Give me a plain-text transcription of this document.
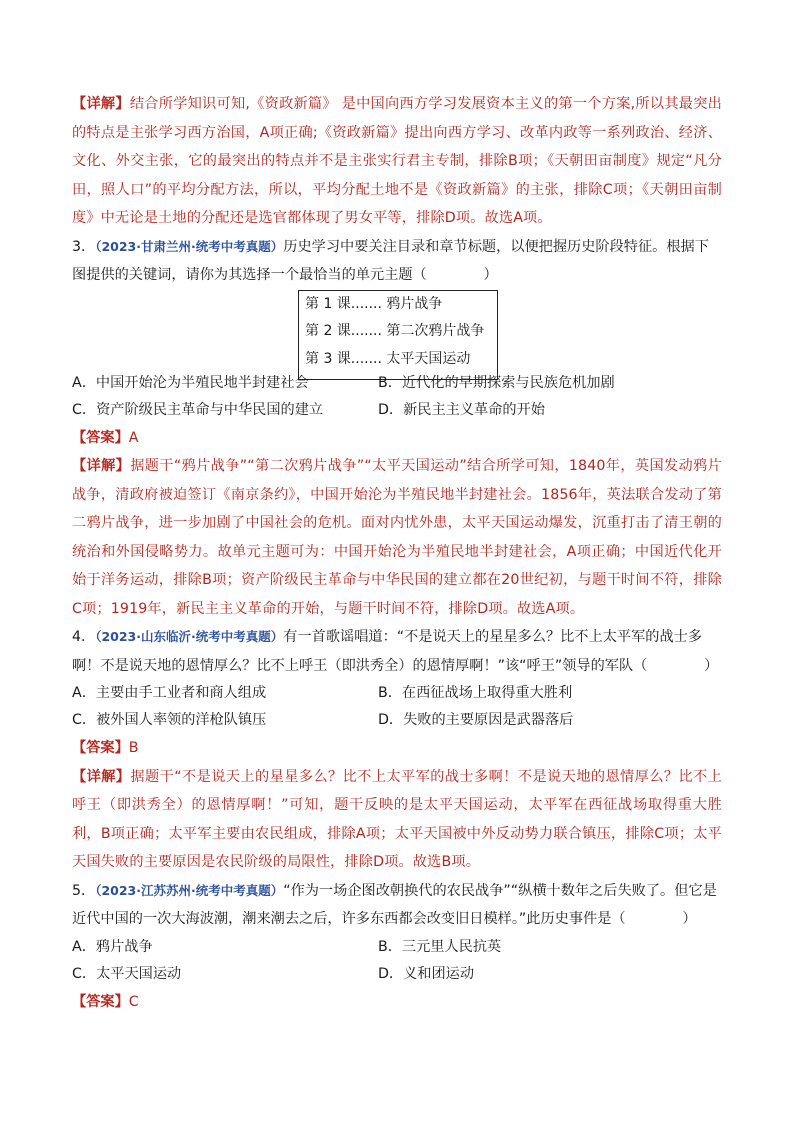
【详解】结合所学知识可知,《资政新篇》 是中国向西方学习发展资本主义的第一个方案,所以其最突出的特点是主张学习西方治国，A项正确;《资政新篇》提出向西方学习、改革内政等一系列政治、经济、文化、外交主张，它的最突出的特点并不是主张实行君主专制，排除B项；《天朝田亩制度》规定“凡分田，照人口”的平均分配方法，所以，平均分配土地不是《资政新篇》的主张，排除C项；《天朝田亩制度》中无论是土地的分配还是选官都体现了男女平等，排除D项。故选A项。

3．（2023·甘肃兰州·统考中考真题）历史学习中要关注目录和章节标题，以便把握历史阶段特征。根据下图提供的关键词，请你为其选择一个最恰当的单元主题（　　　　）

第 1 课....... 鸦片战争
第 2 课....... 第二次鸦片战争
第 3 课....... 太平天国运动
A．中国开始沦为半殖民地半封建社会	B．近代化的早期探索与民族危机加剧
C．资产阶级民主革命与中华民国的建立	D．新民主主义革命的开始

【答案】A

【详解】据题干“鸦片战争”“第二次鸦片战争”“太平天国运动”结合所学可知，1840年，英国发动鸦片战争，清政府被迫签订《南京条约》，中国开始沦为半殖民地半封建社会。1856年，英法联合发动了第二鸦片战争，进一步加剧了中国社会的危机。面对内忧外患，太平天国运动爆发，沉重打击了清王朝的统治和外国侵略势力。故单元主题可为：中国开始沦为半殖民地半封建社会，A项正确；中国近代化开始于洋务运动，排除B项；资产阶级民主革命与中华民国的建立都在20世纪初，与题干时间不符，排除C项；1919年，新民主主义革命的开始，与题干时间不符，排除D项。故选A项。

4．（2023·山东临沂·统考中考真题）有一首歌谣唱道：“不是说天上的星星多么？比不上太平军的战士多啊！不是说天地的恩情厚么？比不上呼王（即洪秀全）的恩情厚啊！”该“呼王”领导的军队（　　　　）

A．主要由手工业者和商人组成	B．在西征战场上取得重大胜利
C．被外国人率领的洋枪队镇压	D．失败的主要原因是武器落后

【答案】B

【详解】据题干“不是说天上的星星多么？比不上太平军的战士多啊！不是说天地的恩情厚么？比不上呼王（即洪秀全）的恩情厚啊！”可知，题干反映的是太平天国运动，太平军在西征战场取得重大胜利，B项正确；太平军主要由农民组成，排除A项；太平天国被中外反动势力联合镇压，排除C项；太平天国失败的主要原因是农民阶级的局限性，排除D项。故选B项。

5．（2023·江苏苏州·统考中考真题）“作为一场企图改朝换代的农民战争”“纵横十数年之后失败了。但它是近代中国的一次大海波潮，潮来潮去之后，许多东西都会改变旧日模样。”此历史事件是（　　　　）

A．鸦片战争	B．三元里人民抗英
C．太平天国运动	D．义和团运动

【答案】C
